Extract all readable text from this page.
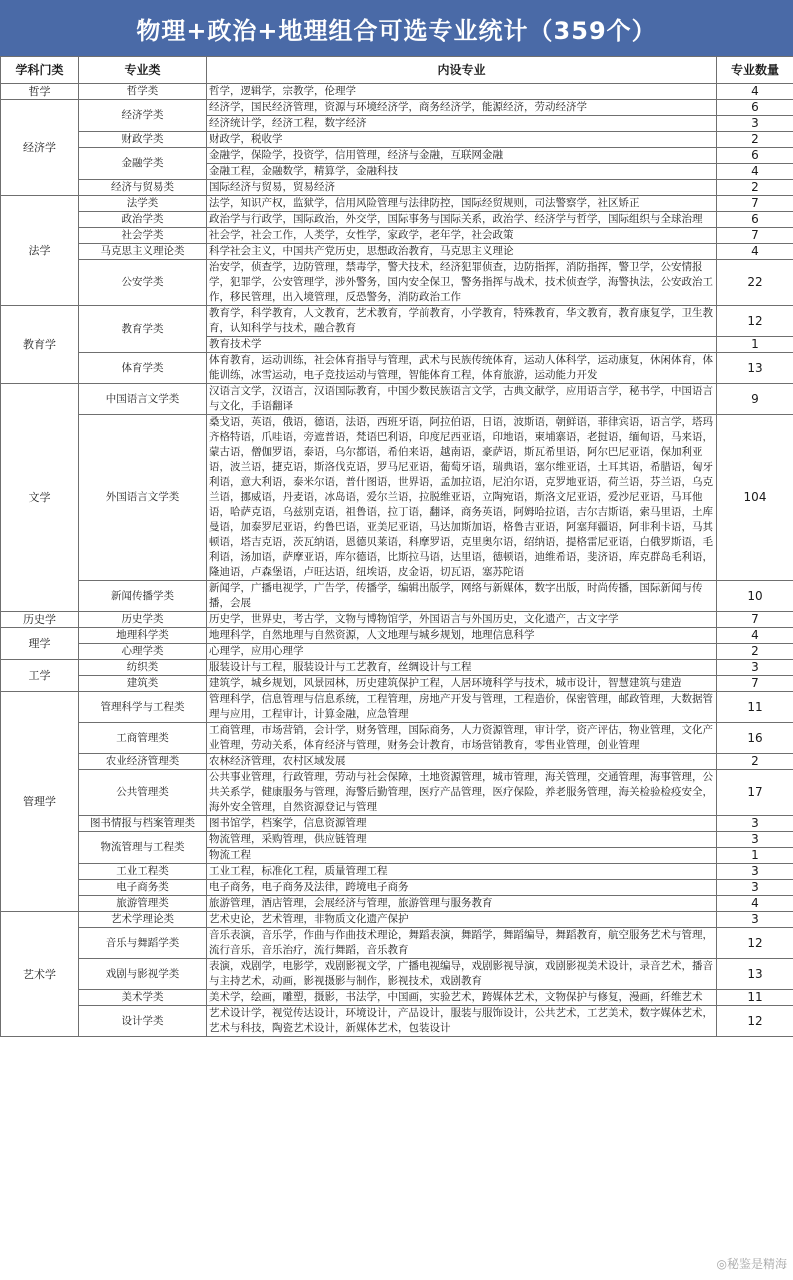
物理+政治+地理组合可选专业统计（359个）
学科门类	专业类	内设专业	专业数量
哲学	哲学类	哲学，逻辑学，宗教学，伦理学	4
经济学	经济学类	经济学，国民经济管理，资源与环境经济学，商务经济学，能源经济，劳动经济学	6
		经济统计学，经济工程，数字经济	3
	财政学类	财政学，税收学	2
	金融学类	金融学，保险学，投资学，信用管理，经济与金融，互联网金融	6
		金融工程，金融数学，精算学，金融科技	4
	经济与贸易类	国际经济与贸易，贸易经济	2
法学	法学类	法学，知识产权，监狱学，信用风险管理与法律防控，国际经贸规则，司法警察学，社区矫正	7
	政治学类	政治学与行政学，国际政治，外交学，国际事务与国际关系，政治学、经济学与哲学，国际组织与全球治理	6
	社会学类	社会学，社会工作，人类学，女性学，家政学，老年学，社会政策	7
	马克思主义理论类	科学社会主义，中国共产党历史，思想政治教育，马克思主义理论	4
	公安学类	治安学，侦查学，边防管理，禁毒学，警犬技术，经济犯罪侦查，边防指挥，消防指挥，警卫学，公安情报学，犯罪学，公安管理学，涉外警务，国内安全保卫，警务指挥与战术，技术侦查学，海警执法，公安政治工作，移民管理，出入境管理，反恐警务，消防政治工作	22
教育学	教育学类	教育学，科学教育，人文教育，艺术教育，学前教育，小学教育，特殊教育，华文教育，教育康复学，卫生教育，认知科学与技术，融合教育	12
		教育技术学	1
	体育学类	体育教育，运动训练，社会体育指导与管理，武术与民族传统体育，运动人体科学，运动康复，休闲体育，体能训练，冰雪运动，电子竞技运动与管理，智能体育工程，体育旅游，运动能力开发	13
文学	中国语言文学类	汉语言文学，汉语言，汉语国际教育，中国少数民族语言文学，古典文献学，应用语言学，秘书学，中国语言与文化，手语翻译	9
	外国语言文学类	桑戈语，英语，俄语，德语，法语，西班牙语，阿拉伯语，日语，波斯语，朝鲜语，菲律宾语，语言学，塔玛齐格特语，爪哇语，旁遮普语，梵语巴利语，印度尼西亚语，印地语，柬埔寨语，老挝语，缅甸语，马来语，蒙古语，僧伽罗语，泰语，乌尔都语，希伯来语，越南语，豪萨语，斯瓦希里语，阿尔巴尼亚语，保加利亚语，波兰语，捷克语，斯洛伐克语，罗马尼亚语，葡萄牙语，瑞典语，塞尔维亚语，土耳其语，希腊语，匈牙利语，意大利语，泰米尔语，普什图语，世界语，孟加拉语，尼泊尔语，克罗地亚语，荷兰语，芬兰语，乌克兰语，挪威语，丹麦语，冰岛语，爱尔兰语，拉脱维亚语，立陶宛语，斯洛文尼亚语，爱沙尼亚语，马耳他语，哈萨克语，乌兹别克语，祖鲁语，拉丁语，翻译，商务英语，阿姆哈拉语，吉尔吉斯语，索马里语，土库曼语，加泰罗尼亚语，约鲁巴语，亚美尼亚语，马达加斯加语，格鲁吉亚语，阿塞拜疆语，阿非利卡语，马其顿语，塔吉克语，茨瓦纳语，恩德贝莱语，科摩罗语，克里奥尔语，绍纳语，提格雷尼亚语，白俄罗斯语，毛利语，汤加语，萨摩亚语，库尔德语，比斯拉马语，达里语，德顿语，迪维希语，斐济语，库克群岛毛利语，隆迪语，卢森堡语，卢旺达语，纽埃语，皮金语，切瓦语，塞苏陀语	104
	新闻传播学类	新闻学，广播电视学，广告学，传播学，编辑出版学，网络与新媒体，数字出版，时尚传播，国际新闻与传播，会展	10
历史学	历史学类	历史学，世界史，考古学，文物与博物馆学，外国语言与外国历史，文化遗产，古文字学	7
理学	地理科学类	地理科学，自然地理与自然资源，人文地理与城乡规划，地理信息科学	4
	心理学类	心理学，应用心理学	2
工学	纺织类	服装设计与工程，服装设计与工艺教育，丝绸设计与工程	3
	建筑类	建筑学，城乡规划，风景园林，历史建筑保护工程，人居环境科学与技术，城市设计，智慧建筑与建造	7
管理学	管理科学与工程类	管理科学，信息管理与信息系统，工程管理，房地产开发与管理，工程造价，保密管理，邮政管理，大数据管理与应用，工程审计，计算金融，应急管理	11
	工商管理类	工商管理，市场营销，会计学，财务管理，国际商务，人力资源管理，审计学，资产评估，物业管理，文化产业管理，劳动关系，体育经济与管理，财务会计教育，市场营销教育，零售业管理，创业管理	16
	农业经济管理类	农林经济管理，农村区域发展	2
	公共管理类	公共事业管理，行政管理，劳动与社会保障，土地资源管理，城市管理，海关管理，交通管理，海事管理，公共关系学，健康服务与管理，海警后勤管理，医疗产品管理，医疗保险，养老服务管理，海关检验检疫安全，海外安全管理，自然资源登记与管理	17
	图书情报与档案管理类	图书馆学，档案学，信息资源管理	3
	物流管理与工程类	物流管理，采购管理，供应链管理	3
		物流工程	1
	工业工程类	工业工程，标准化工程，质量管理工程	3
	电子商务类	电子商务，电子商务及法律，跨境电子商务	3
	旅游管理类	旅游管理，酒店管理，会展经济与管理，旅游管理与服务教育	4
艺术学	艺术学理论类	艺术史论，艺术管理，非物质文化遗产保护	3
	音乐与舞蹈学类	音乐表演，音乐学，作曲与作曲技术理论，舞蹈表演，舞蹈学，舞蹈编导，舞蹈教育，航空服务艺术与管理，流行音乐，音乐治疗，流行舞蹈，音乐教育	12
	戏剧与影视学类	表演，戏剧学，电影学，戏剧影视文学，广播电视编导，戏剧影视导演，戏剧影视美术设计，录音艺术，播音与主持艺术，动画，影视摄影与制作，影视技术，戏剧教育	13
	美术学类	美术学，绘画，雕塑，摄影，书法学，中国画，实验艺术，跨媒体艺术，文物保护与修复，漫画，纤维艺术	11
	设计学类	艺术设计学，视觉传达设计，环境设计，产品设计，服装与服饰设计，公共艺术，工艺美术，数字媒体艺术，艺术与科技，陶瓷艺术设计，新媒体艺术，包装设计	12
◎秘鉴是精海
